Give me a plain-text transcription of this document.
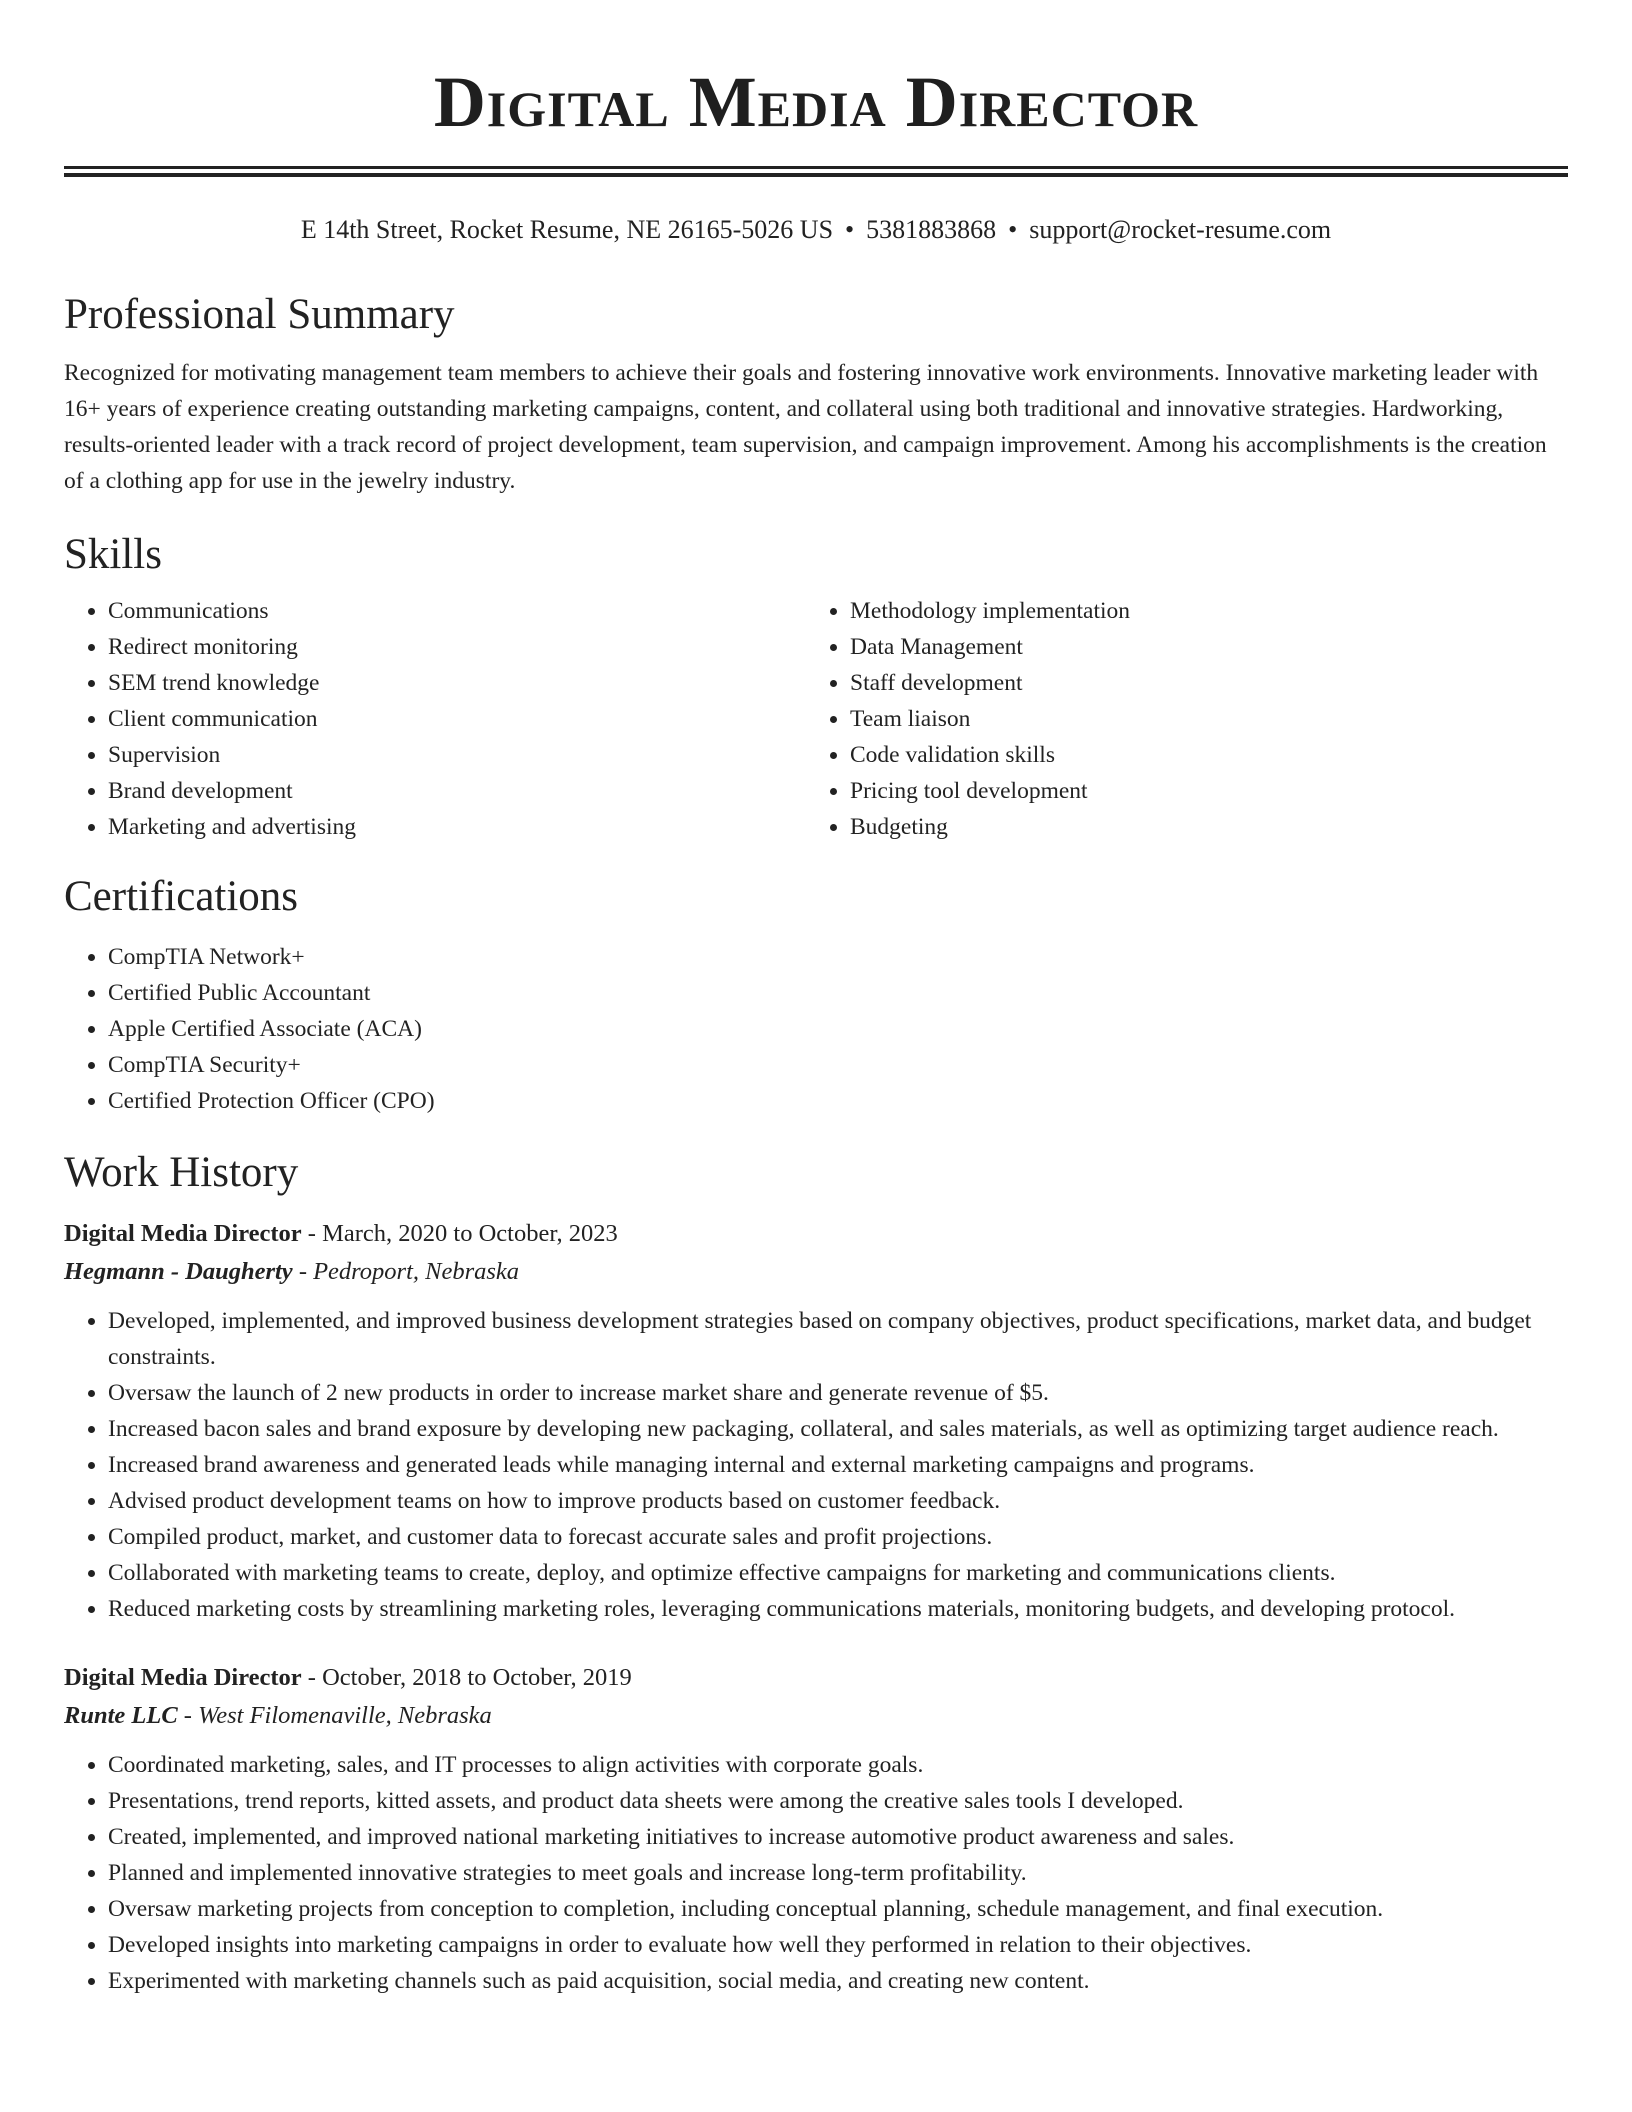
Digital Media Director
E 14th Street, Rocket Resume, NE 26165-5026 US • 5381883868 • support@rocket-resume.com
Professional Summary

Recognized for motivating management team members to achieve their goals and fostering innovative work environments. Innovative marketing leader with 16+ years of experience creating outstanding marketing campaigns, content, and collateral using both traditional and innovative strategies. Hardworking, results-oriented leader with a track record of project development, team supervision, and campaign improvement. Among his accomplishments is the creation of a clothing app for use in the jewelry industry.

Skills
• Communications
• Redirect monitoring
• SEM trend knowledge
• Client communication
• Supervision
• Brand development
• Marketing and advertising
• Methodology implementation
• Data Management
• Staff development
• Team liaison
• Code validation skills
• Pricing tool development
• Budgeting
Certifications
• CompTIA Network+
• Certified Public Accountant
• Apple Certified Associate (ACA)
• CompTIA Security+
• Certified Protection Officer (CPO)
Work History
Digital Media Director - March, 2020 to October, 2023
Hegmann - Daugherty - Pedroport, Nebraska
• Developed, implemented, and improved business development strategies based on company objectives, product specifications, market data, and budget constraints.
• Oversaw the launch of 2 new products in order to increase market share and generate revenue of $5.
• Increased bacon sales and brand exposure by developing new packaging, collateral, and sales materials, as well as optimizing target audience reach.
• Increased brand awareness and generated leads while managing internal and external marketing campaigns and programs.
• Advised product development teams on how to improve products based on customer feedback.
• Compiled product, market, and customer data to forecast accurate sales and profit projections.
• Collaborated with marketing teams to create, deploy, and optimize effective campaigns for marketing and communications clients.
• Reduced marketing costs by streamlining marketing roles, leveraging communications materials, monitoring budgets, and developing protocol.
Digital Media Director - October, 2018 to October, 2019
Runte LLC - West Filomenaville, Nebraska
• Coordinated marketing, sales, and IT processes to align activities with corporate goals.
• Presentations, trend reports, kitted assets, and product data sheets were among the creative sales tools I developed.
• Created, implemented, and improved national marketing initiatives to increase automotive product awareness and sales.
• Planned and implemented innovative strategies to meet goals and increase long-term profitability.
• Oversaw marketing projects from conception to completion, including conceptual planning, schedule management, and final execution.
• Developed insights into marketing campaigns in order to evaluate how well they performed in relation to their objectives.
• Experimented with marketing channels such as paid acquisition, social media, and creating new content.
